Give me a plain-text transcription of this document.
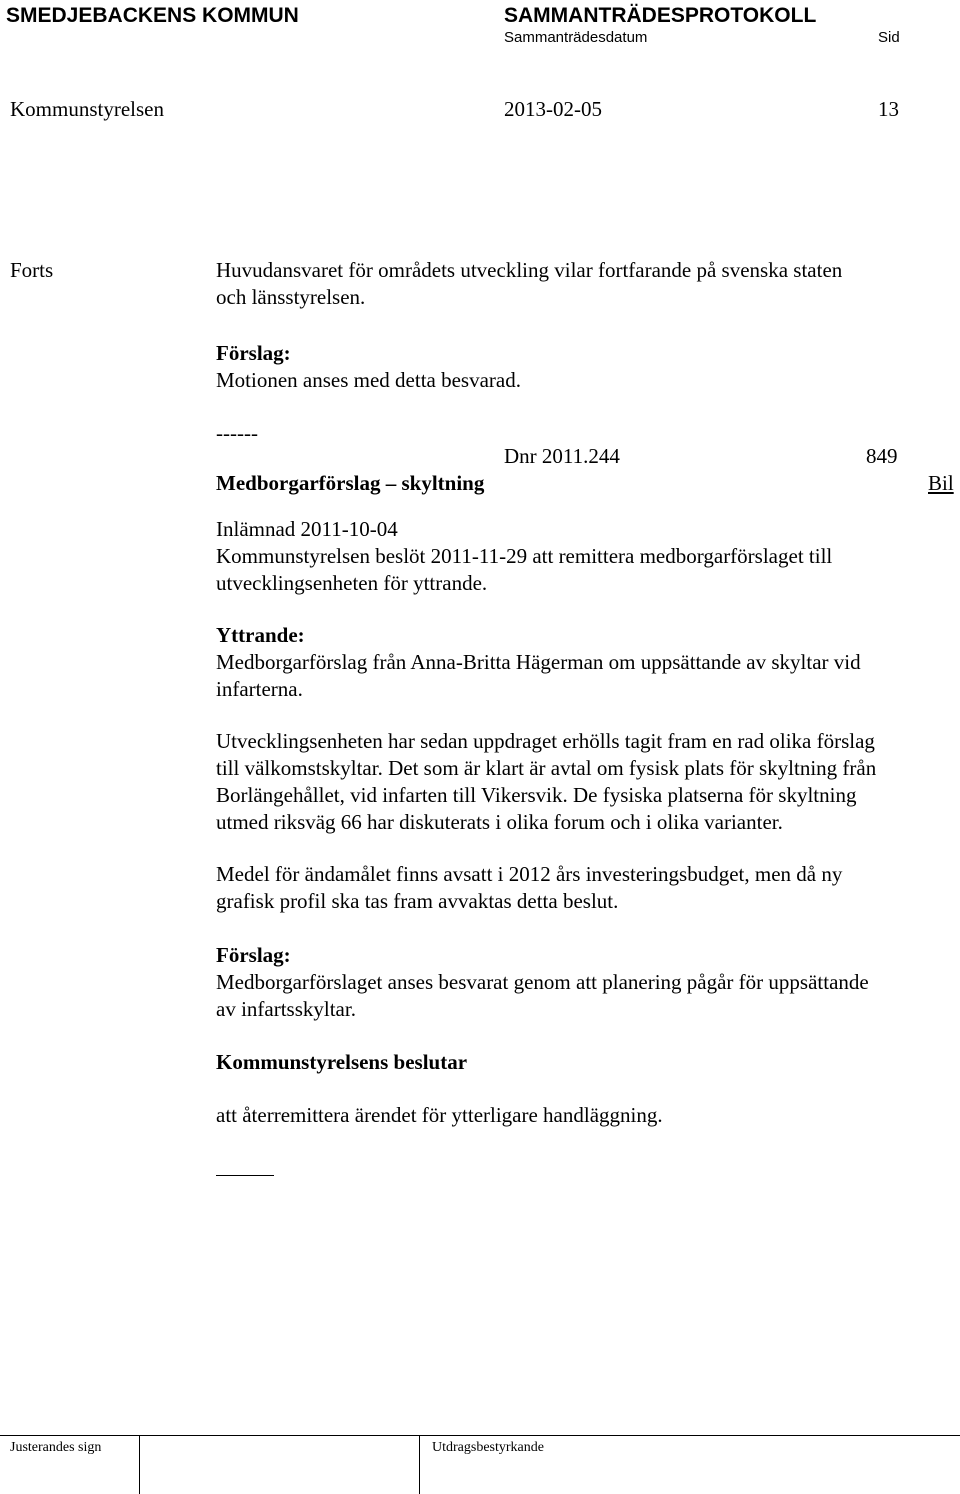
SMEDJEBACKENS KOMMUN	SAMMANTRÄDESPROTOKOLL
Sammanträdesdatum	Sid
Kommunstyrelsen	2013-02-05	13
Forts	Huvudansvaret för områdets utveckling vilar fortfarande på svenska staten
och länsstyrelsen.
Förslag:
Motionen anses med detta besvarad.
------
Dnr 2011.244	849
Medborgarförslag – skyltning	Bil
Inlämnad 2011-10-04
Kommunstyrelsen beslöt 2011-11-29 att remittera medborgarförslaget till
utvecklingsenheten för yttrande.
Yttrande:
Medborgarförslag från Anna-Britta Hägerman om uppsättande av skyltar vid
infarterna.
Utvecklingsenheten har sedan uppdraget erhölls tagit fram en rad olika förslag
till välkomstskyltar. Det som är klart är avtal om fysisk plats för skyltning från
Borlängehållet, vid infarten till Vikersvik. De fysiska platserna för skyltning
utmed riksväg 66 har diskuterats i olika forum och i olika varianter.
Medel för ändamålet finns avsatt i 2012 års investeringsbudget, men då ny
grafisk profil ska tas fram avvaktas detta beslut.
Förslag:
Medborgarförslaget anses besvarat genom att planering pågår för uppsättande
av infartsskyltar.
Kommunstyrelsens beslutar
att återremittera ärendet för ytterligare handläggning.
Justerandes sign	Utdragsbestyrkande
